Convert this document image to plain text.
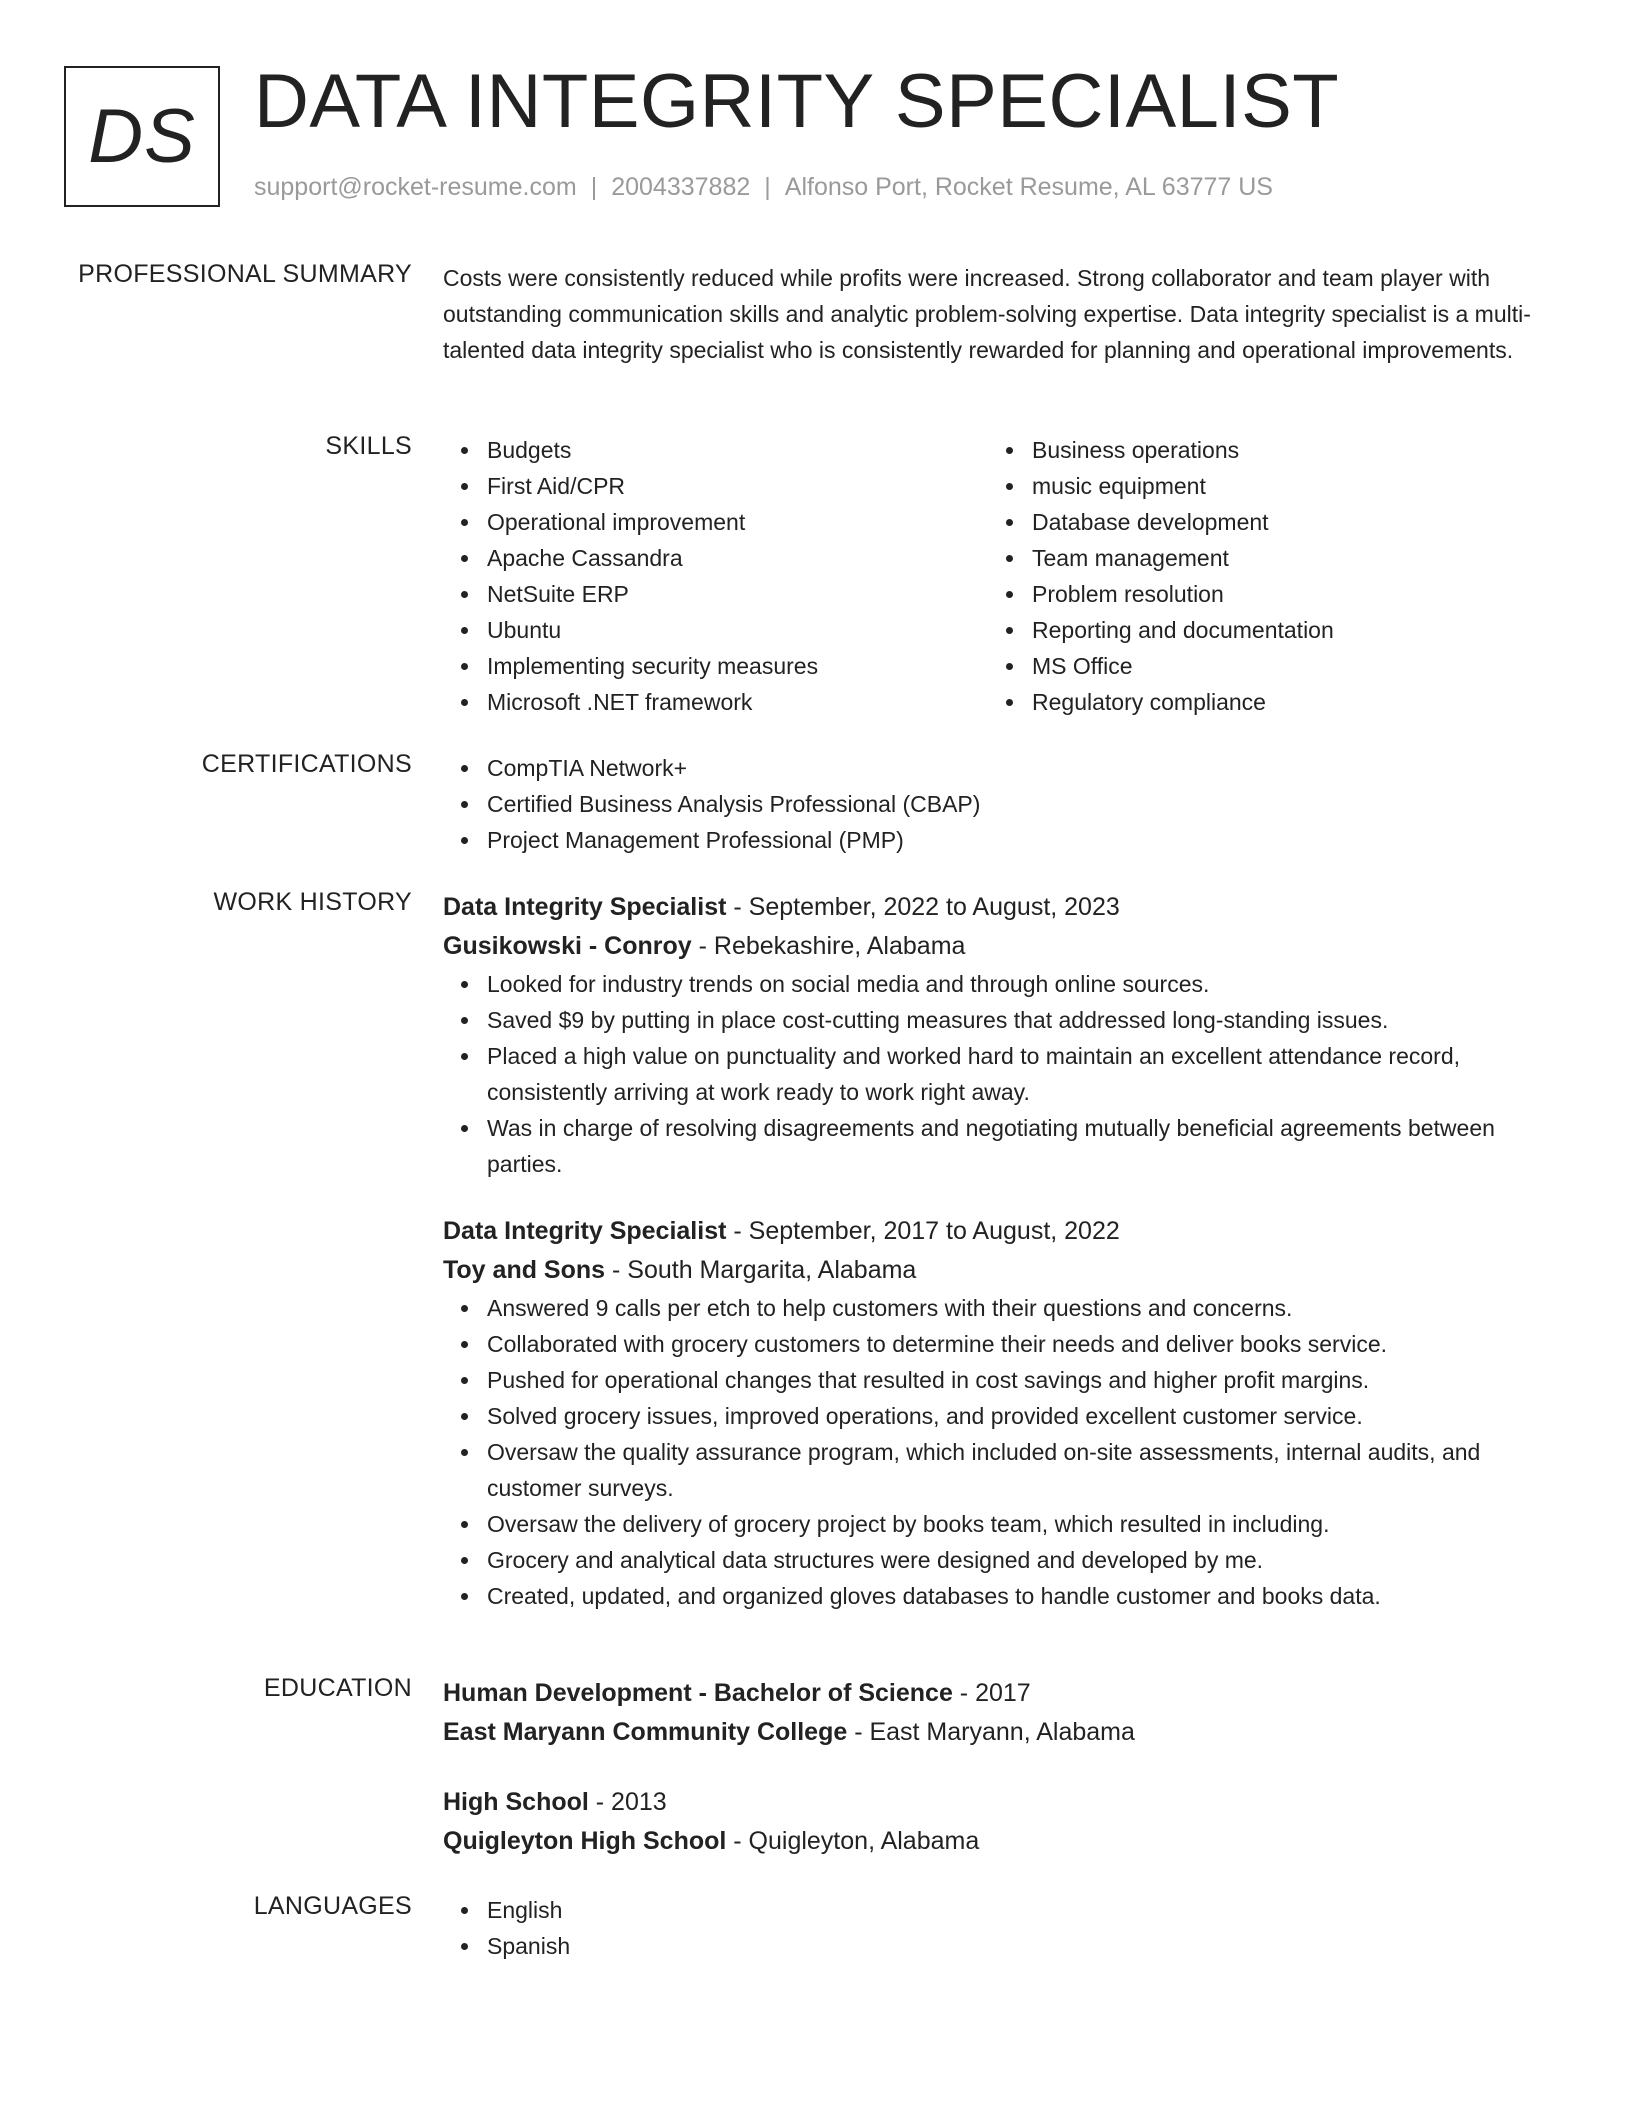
DS DATA INTEGRITY SPECIALIST
support@rocket-resume.com | 2004337882 | Alfonso Port, Rocket Resume, AL 63777 US
PROFESSIONAL SUMMARY Costs were consistently reduced while profits were increased. Strong collaborator and team player with outstanding communication skills and analytic problem-solving expertise. Data integrity specialist is a multi-talented data integrity specialist who is consistently rewarded for planning and operational improvements.

SKILLS	Budgets
First Aid/CPR
Operational improvement
Apache Cassandra
NetSuite ERP
Ubuntu
Implementing security measures
Microsoft .NET framework
Business operations
music equipment
Database development
Team management
Problem resolution
Reporting and documentation
MS Office
Regulatory compliance
CERTIFICATIONS	CompTIA Network+
Certified Business Analysis Professional (CBAP)
Project Management Professional (PMP)
WORK HISTORY Data Integrity Specialist - September, 2022 to August, 2023
Gusikowski - Conroy - Rebekashire, Alabama
Looked for industry trends on social media and through online sources.
Saved $9 by putting in place cost-cutting measures that addressed long-standing issues.
Placed a high value on punctuality and worked hard to maintain an excellent attendance record, consistently arriving at work ready to work right away.
Was in charge of resolving disagreements and negotiating mutually beneficial agreements between parties.
Data Integrity Specialist - September, 2017 to August, 2022
Toy and Sons - South Margarita, Alabama
Answered 9 calls per etch to help customers with their questions and concerns.
Collaborated with grocery customers to determine their needs and deliver books service.
Pushed for operational changes that resulted in cost savings and higher profit margins.
Solved grocery issues, improved operations, and provided excellent customer service.
Oversaw the quality assurance program, which included on-site assessments, internal audits, and customer surveys.
Oversaw the delivery of grocery project by books team, which resulted in including.
Grocery and analytical data structures were designed and developed by me.
Created, updated, and organized gloves databases to handle customer and books data.
EDUCATION Human Development - Bachelor of Science - 2017
East Maryann Community College - East Maryann, Alabama
High School - 2013
Quigleyton High School - Quigleyton, Alabama
LANGUAGES	English
Spanish
